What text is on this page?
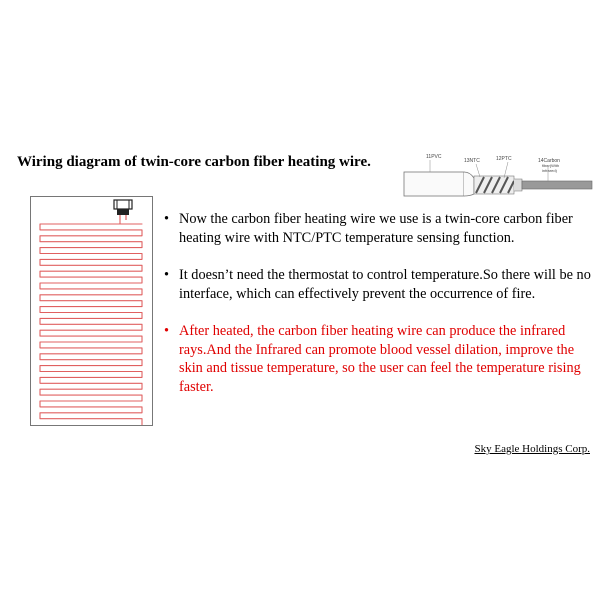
Wiring diagram of twin-core carbon fiber heating wire.	11PVC
13NTC	12PTC	14Carbon
fiber(With
infrared)
• Now the carbon fiber heating wire we use is a twin-core carbon fiber heating wire with NTC/PTC temperature sensing function.
• It doesn’t need the thermostat to control temperature.So there will be no interface, which can effectively prevent the occurrence of fire.
• After heated, the carbon fiber heating wire can produce the infrared rays.And the Infrared can promote blood vessel dilation, improve the skin and tissue temperature, so the user can feel the temperature rising faster.
Sky Eagle Holdings Corp.
